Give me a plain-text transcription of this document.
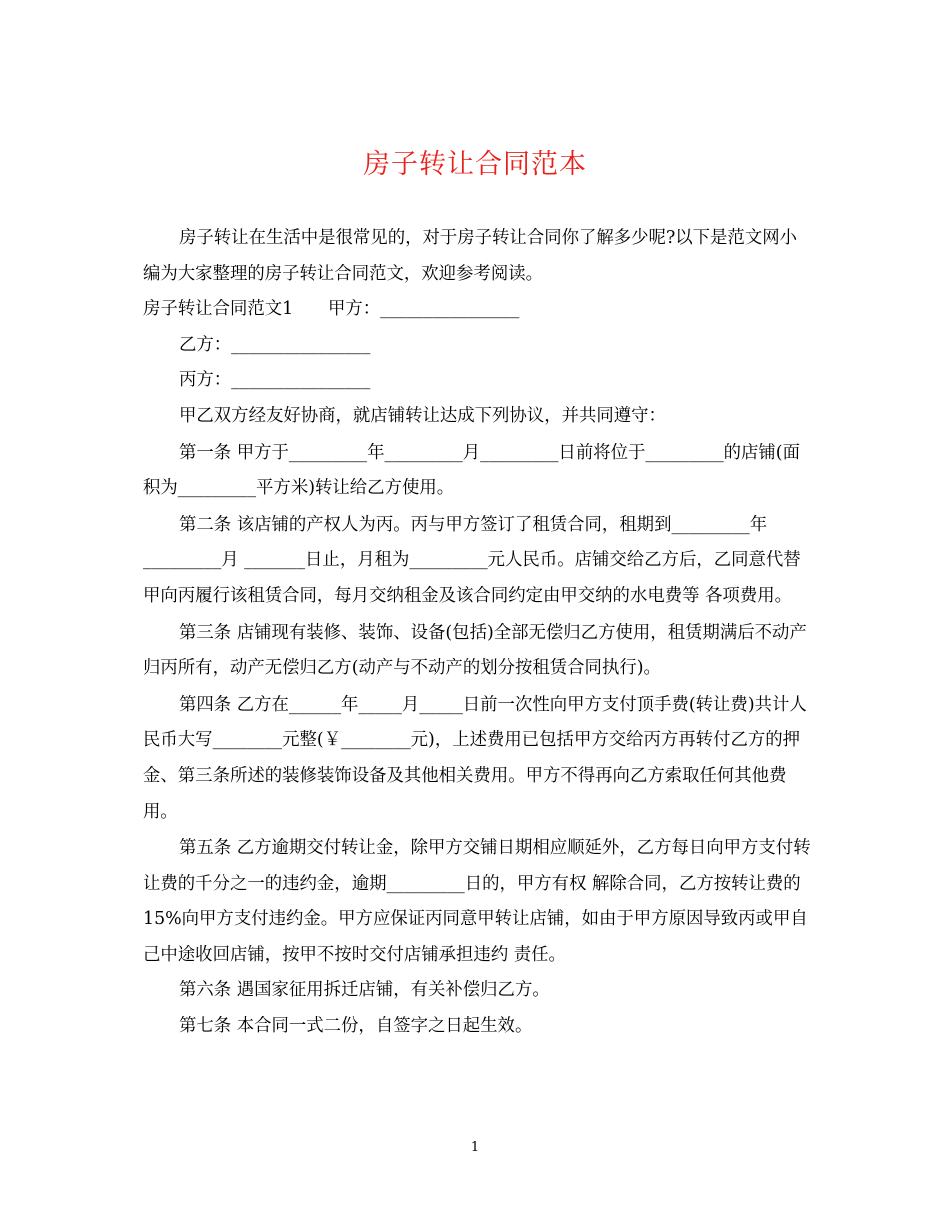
房子转让合同范本

房子转让在生活中是很常见的，对于房子转让合同你了解多少呢?以下是范文网小编为大家整理的房子转让合同范文，欢迎参考阅读。

房子转让合同范文1　　甲方：________________

乙方：________________

丙方：________________

甲乙双方经友好协商，就店铺转让达成下列协议，并共同遵守：

第一条 甲方于_________年_________月_________日前将位于_________的店铺(面积为_________平方米)转让给乙方使用。

第二条 该店铺的产权人为丙。丙与甲方签订了租赁合同，租期到_________年_________月 _______日止，月租为_________元人民币。店铺交给乙方后，乙同意代替甲向丙履行该租赁合同，每月交纳租金及该合同约定由甲交纳的水电费等 各项费用。

第三条 店铺现有装修、装饰、设备(包括)全部无偿归乙方使用，租赁期满后不动产归丙所有，动产无偿归乙方(动产与不动产的划分按租赁合同执行)。

第四条 乙方在______年_____月_____日前一次性向甲方支付顶手费(转让费)共计人民币大写________元整(￥________元)，上述费用已包括甲方交给丙方再转付乙方的押金、第三条所述的装修装饰设备及其他相关费用。甲方不得再向乙方索取任何其他费用。

第五条 乙方逾期交付转让金，除甲方交铺日期相应顺延外，乙方每日向甲方支付转让费的千分之一的违约金，逾期_________日的，甲方有权 解除合同，乙方按转让费的15%向甲方支付违约金。甲方应保证丙同意甲转让店铺，如由于甲方原因导致丙或甲自己中途收回店铺，按甲不按时交付店铺承担违约 责任。

第六条 遇国家征用拆迁店铺，有关补偿归乙方。

第七条 本合同一式二份，自签字之日起生效。

1
